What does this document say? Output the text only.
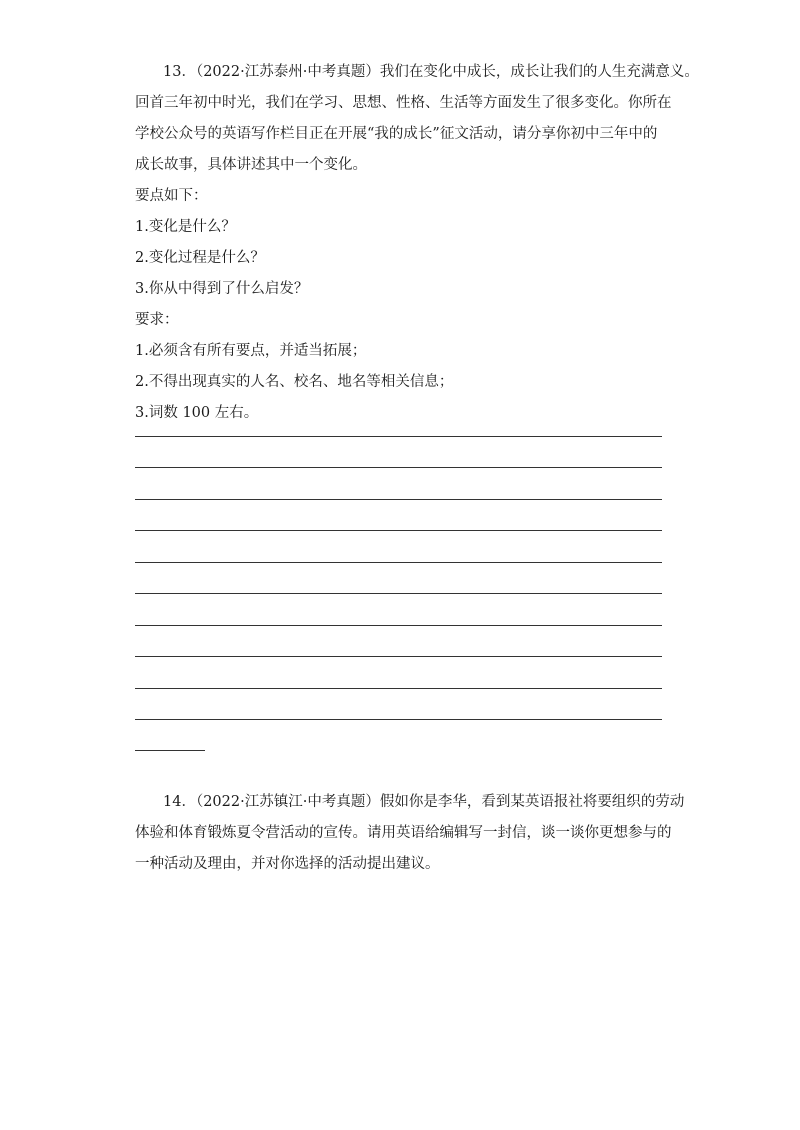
13．（2022·江苏泰州·中考真题）我们在变化中成长，成长让我们的人生充满意义。
回首三年初中时光，我们在学习、思想、性格、生活等方面发生了很多变化。你所在
学校公众号的英语写作栏目正在开展“我的成长”征文活动，请分享你初中三年中的
成长故事，具体讲述其中一个变化。
要点如下：
1.变化是什么？
2.变化过程是什么？
3.你从中得到了什么启发？
要求：
1.必须含有所有要点，并适当拓展；
2.不得出现真实的人名、校名、地名等相关信息；
3.词数 100 左右。
14．（2022·江苏镇江·中考真题）假如你是李华，看到某英语报社将要组织的劳动
体验和体育锻炼夏令营活动的宣传。请用英语给编辑写一封信，谈一谈你更想参与的
一种活动及理由，并对你选择的活动提出建议。
